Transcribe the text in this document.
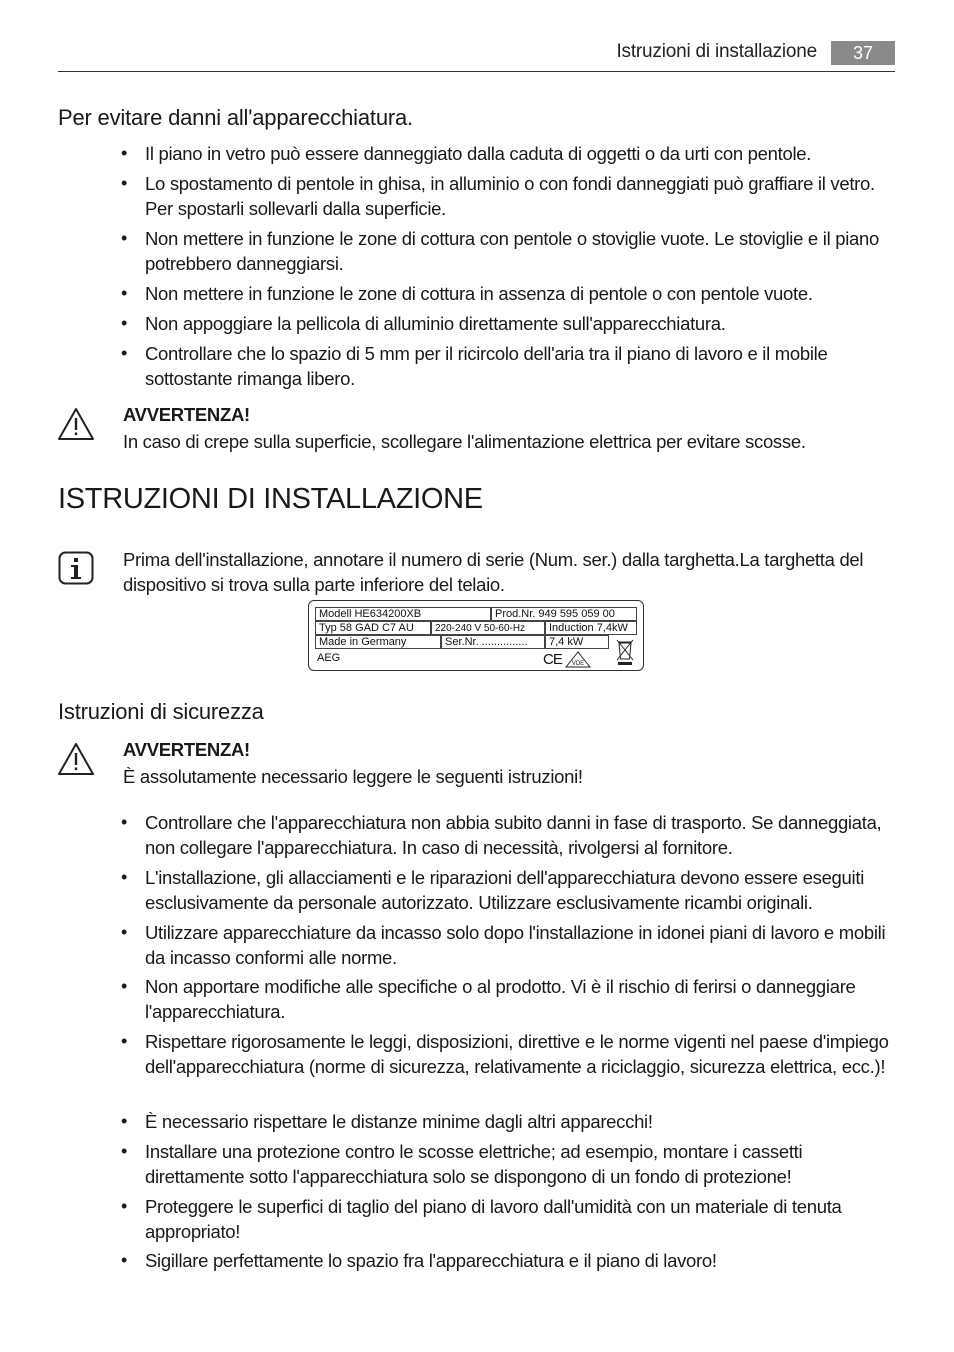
Istruzioni di installazione	37
Per evitare danni all'apparecchiatura.
• Il piano in vetro può essere danneggiato dalla caduta di oggetti o da urti con pentole.
• Lo spostamento di pentole in ghisa, in alluminio o con fondi danneggiati può graffiare il vetro. Per spostarli sollevarli dalla superficie.
• Non mettere in funzione le zone di cottura con pentole o stoviglie vuote. Le stoviglie e il piano potrebbero danneggiarsi.
• Non mettere in funzione le zone di cottura in assenza di pentole o con pentole vuote.
• Non appoggiare la pellicola di alluminio direttamente sull'apparecchiatura.
• Controllare che lo spazio di 5 mm per il ricircolo dell'aria tra il piano di lavoro e il mobile sottostante rimanga libero.
AVVERTENZA!
In caso di crepe sulla superficie, scollegare l'alimentazione elettrica per evitare scosse.
ISTRUZIONI DI INSTALLAZIONE
Prima dell'installazione, annotare il numero di serie (Num. ser.) dalla targhetta.La targhetta del dispositivo si trova sulla parte inferiore del telaio.
Modell HE634200XB	Prod.Nr. 949 595 059 00
Typ 58 GAD C7 AU	220-240 V 50-60-Hz	Induction 7,4kW
Made in Germany	Ser.Nr. ...............	7,4 kW
AEG	CE VDE
Istruzioni di sicurezza
AVVERTENZA!
È assolutamente necessario leggere le seguenti istruzioni!
• Controllare che l'apparecchiatura non abbia subito danni in fase di trasporto. Se danneggiata, non collegare l'apparecchiatura. In caso di necessità, rivolgersi al fornitore.
• L'installazione, gli allacciamenti e le riparazioni dell'apparecchiatura devono essere eseguiti esclusivamente da personale autorizzato. Utilizzare esclusivamente ricambi originali.
• Utilizzare apparecchiature da incasso solo dopo l'installazione in idonei piani di lavoro e mobili da incasso conformi alle norme.
• Non apportare modifiche alle specifiche o al prodotto. Vi è il rischio di ferirsi o danneggiare l'apparecchiatura.
• Rispettare rigorosamente le leggi, disposizioni, direttive e le norme vigenti nel paese d'impiego dell'apparecchiatura (norme di sicurezza, relativamente a riciclaggio, sicurezza elettrica, ecc.)!
• È necessario rispettare le distanze minime dagli altri apparecchi!
• Installare una protezione contro le scosse elettriche; ad esempio, montare i cassetti direttamente sotto l'apparecchiatura solo se dispongono di un fondo di protezione!
• Proteggere le superfici di taglio del piano di lavoro dall'umidità con un materiale di tenuta appropriato!
• Sigillare perfettamente lo spazio fra l'apparecchiatura e il piano di lavoro!
